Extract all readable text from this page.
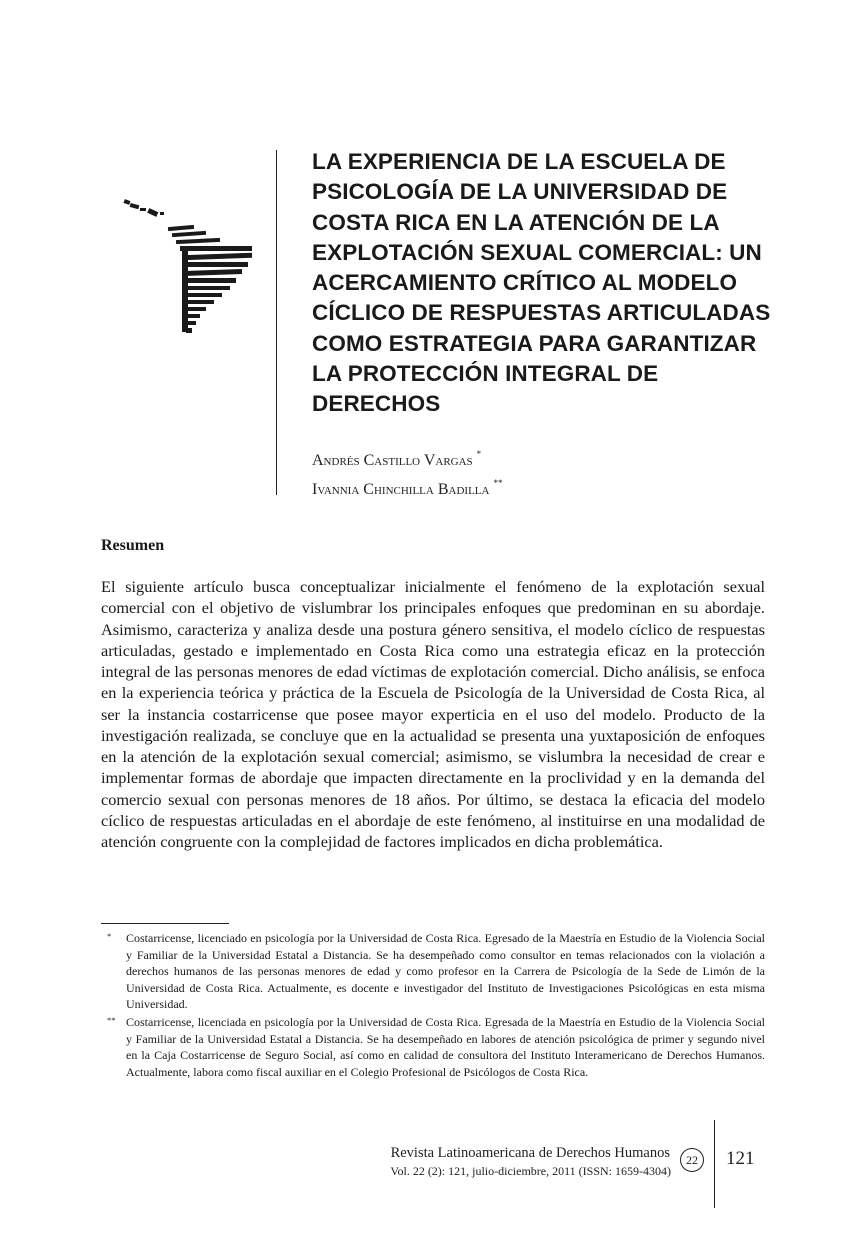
LA EXPERIENCIA DE LA ESCUELA DE PSICOLOGÍA DE LA UNIVERSIDAD DE COSTA RICA EN LA ATENCIÓN DE LA EXPLOTACIÓN SEXUAL COMERCIAL: UN ACERCAMIENTO CRÍTICO AL MODELO CÍCLICO DE RESPUESTAS ARTICULADAS COMO ESTRATEGIA PARA GARANTIZAR LA PROTECCIÓN INTEGRAL DE DERECHOS
Andrés Castillo Vargas *
Ivannia Chinchilla Badilla **
Resumen

El siguiente artículo busca conceptualizar inicialmente el fenómeno de la explotación sexual comercial con el objetivo de vislumbrar los principales enfoques que predominan en su abordaje. Asimismo, caracteriza y analiza desde una postura género sensitiva, el modelo cíclico de respuestas articuladas, gestado e implementado en Costa Rica como una estrategia eficaz en la protección integral de las personas menores de edad víctimas de explotación comercial. Dicho análisis, se enfoca en la experiencia teórica y práctica de la Escuela de Psicología de la Universidad de Costa Rica, al ser la instancia costarricense que posee mayor experticia en el uso del modelo. Producto de la investigación realizada, se concluye que en la actualidad se presenta una yuxtaposición de enfoques en la atención de la explotación sexual comercial; asimismo, se vislumbra la necesidad de crear e implementar formas de abordaje que impacten directamente en la proclividad y en la demanda del comercio sexual con personas menores de 18 años. Por último, se destaca la eficacia del modelo cíclico de respuestas articuladas en el abordaje de este fenómeno, al instituirse en una modalidad de atención congruente con la complejidad de factores implicados en dicha problemática.

* Costarricense, licenciado en psicología por la Universidad de Costa Rica. Egresado de la Maestría en Estudio de la Violencia Social y Familiar de la Universidad Estatal a Distancia. Se ha desempeñado como consultor en temas relacionados con la violación a derechos humanos de las personas menores de edad y como profesor en la Carrera de Psicología de la Sede de Limón de la Universidad de Costa Rica. Actualmente, es docente e investigador del Instituto de Investigaciones Psicológicas en esta misma Universidad.

** Costarricense, licenciada en psicología por la Universidad de Costa Rica. Egresada de la Maestría en Estudio de la Violencia Social y Familiar de la Universidad Estatal a Distancia. Se ha desempeñado en labores de atención psicológica de primer y segundo nivel en la Caja Costarricense de Seguro Social, así como en calidad de consultora del Instituto Interamericano de Derechos Humanos. Actualmente, labora como fiscal auxiliar en el Colegio Profesional de Psicólogos de Costa Rica.

Revista Latinoamericana de Derechos Humanos
Vol. 22 (2): 121, julio-diciembre, 2011 (ISSN: 1659-4304)
22	121
